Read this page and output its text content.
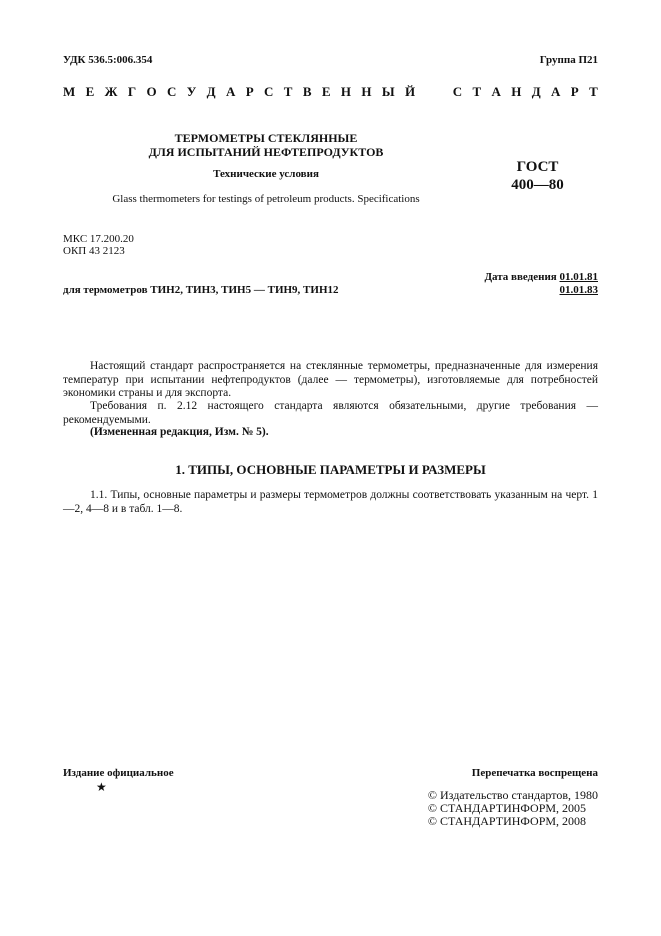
УДК 536.5:006.354	Группа П21
М Е Ж Г О С У Д А Р С Т В Е Н Н Ы Й

	С Т А Н Д А Р Т
ТЕРМОМЕТРЫ СТЕКЛЯННЫЕ
ДЛЯ ИСПЫТАНИЙ НЕФТЕПРОДУКТОВ
Технические условия
Glass thermometers for testings of petroleum products. Specifications
ГОСТ
400—80
МКС 17.200.20
ОКП 43 2123
Дата введения 01.01.81
01.01.83
для термометров ТИН2, ТИН3, ТИН5 — ТИН9, ТИН12
Настоящий стандарт распространяется на стеклянные термометры, предназначенные для измерения температур при испытании нефтепродуктов (далее — термометры), изготовляемые для потребностей экономики страны и для экспорта.
Требования п. 2.12 настоящего стандарта являются обязательными, другие требования — рекомендуемыми.
(Измененная редакция, Изм. № 5).
1. ТИПЫ, ОСНОВНЫЕ ПАРАМЕТРЫ И РАЗМЕРЫ
1.1. Типы, основные параметры и размеры термометров должны соответствовать указанным на черт. 1—2, 4—8 и в табл. 1—8.
Издание официальное
★
Перепечатка воспрещена
© Издательство стандартов, 1980
© СТАНДАРТИНФОРМ, 2005
© СТАНДАРТИНФОРМ, 2008
